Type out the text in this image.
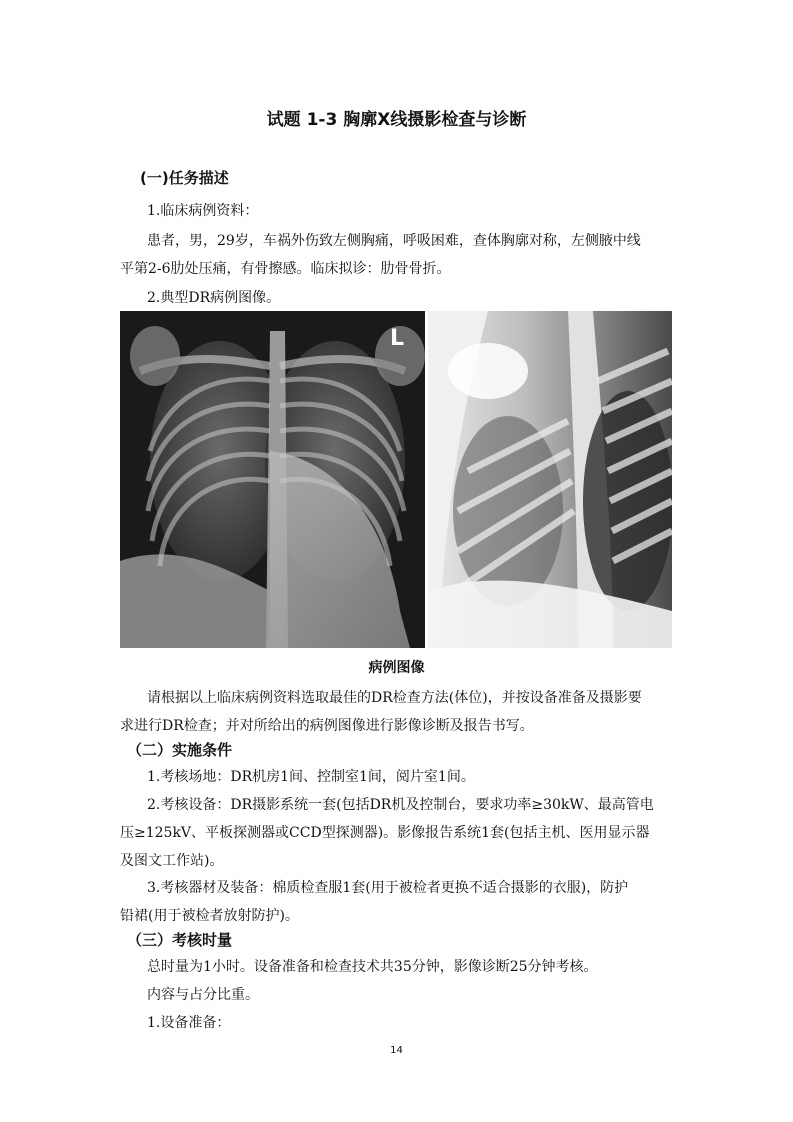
试题 1-3 胸廓X线摄影检查与诊断
(一)任务描述
1.临床病例资料：
患者，男，29岁，车祸外伤致左侧胸痛，呼吸困难，查体胸廓对称，左侧腋中线
平第2-6肋处压痛，有骨擦感。临床拟诊：肋骨骨折。
2.典型DR病例图像。
L
病例图像
请根据以上临床病例资料选取最佳的DR检查方法(体位)，并按设备准备及摄影要
求进行DR检查；并对所给出的病例图像进行影像诊断及报告书写。
（二）实施条件
1.考核场地：DR机房1间、控制室1间，阅片室1间。
2.考核设备：DR摄影系统一套(包括DR机及控制台，要求功率≥30kW、最高管电
压≥125kV、平板探测器或CCD型探测器)。影像报告系统1套(包括主机、医用显示器
及图文工作站)。
3.考核器材及装备：棉质检查服1套(用于被检者更换不适合摄影的衣服)，防护
铅裙(用于被检者放射防护)。
（三）考核时量
总时量为1小时。设备准备和检查技术共35分钟，影像诊断25分钟考核。
内容与占分比重。
1.设备准备：
14
